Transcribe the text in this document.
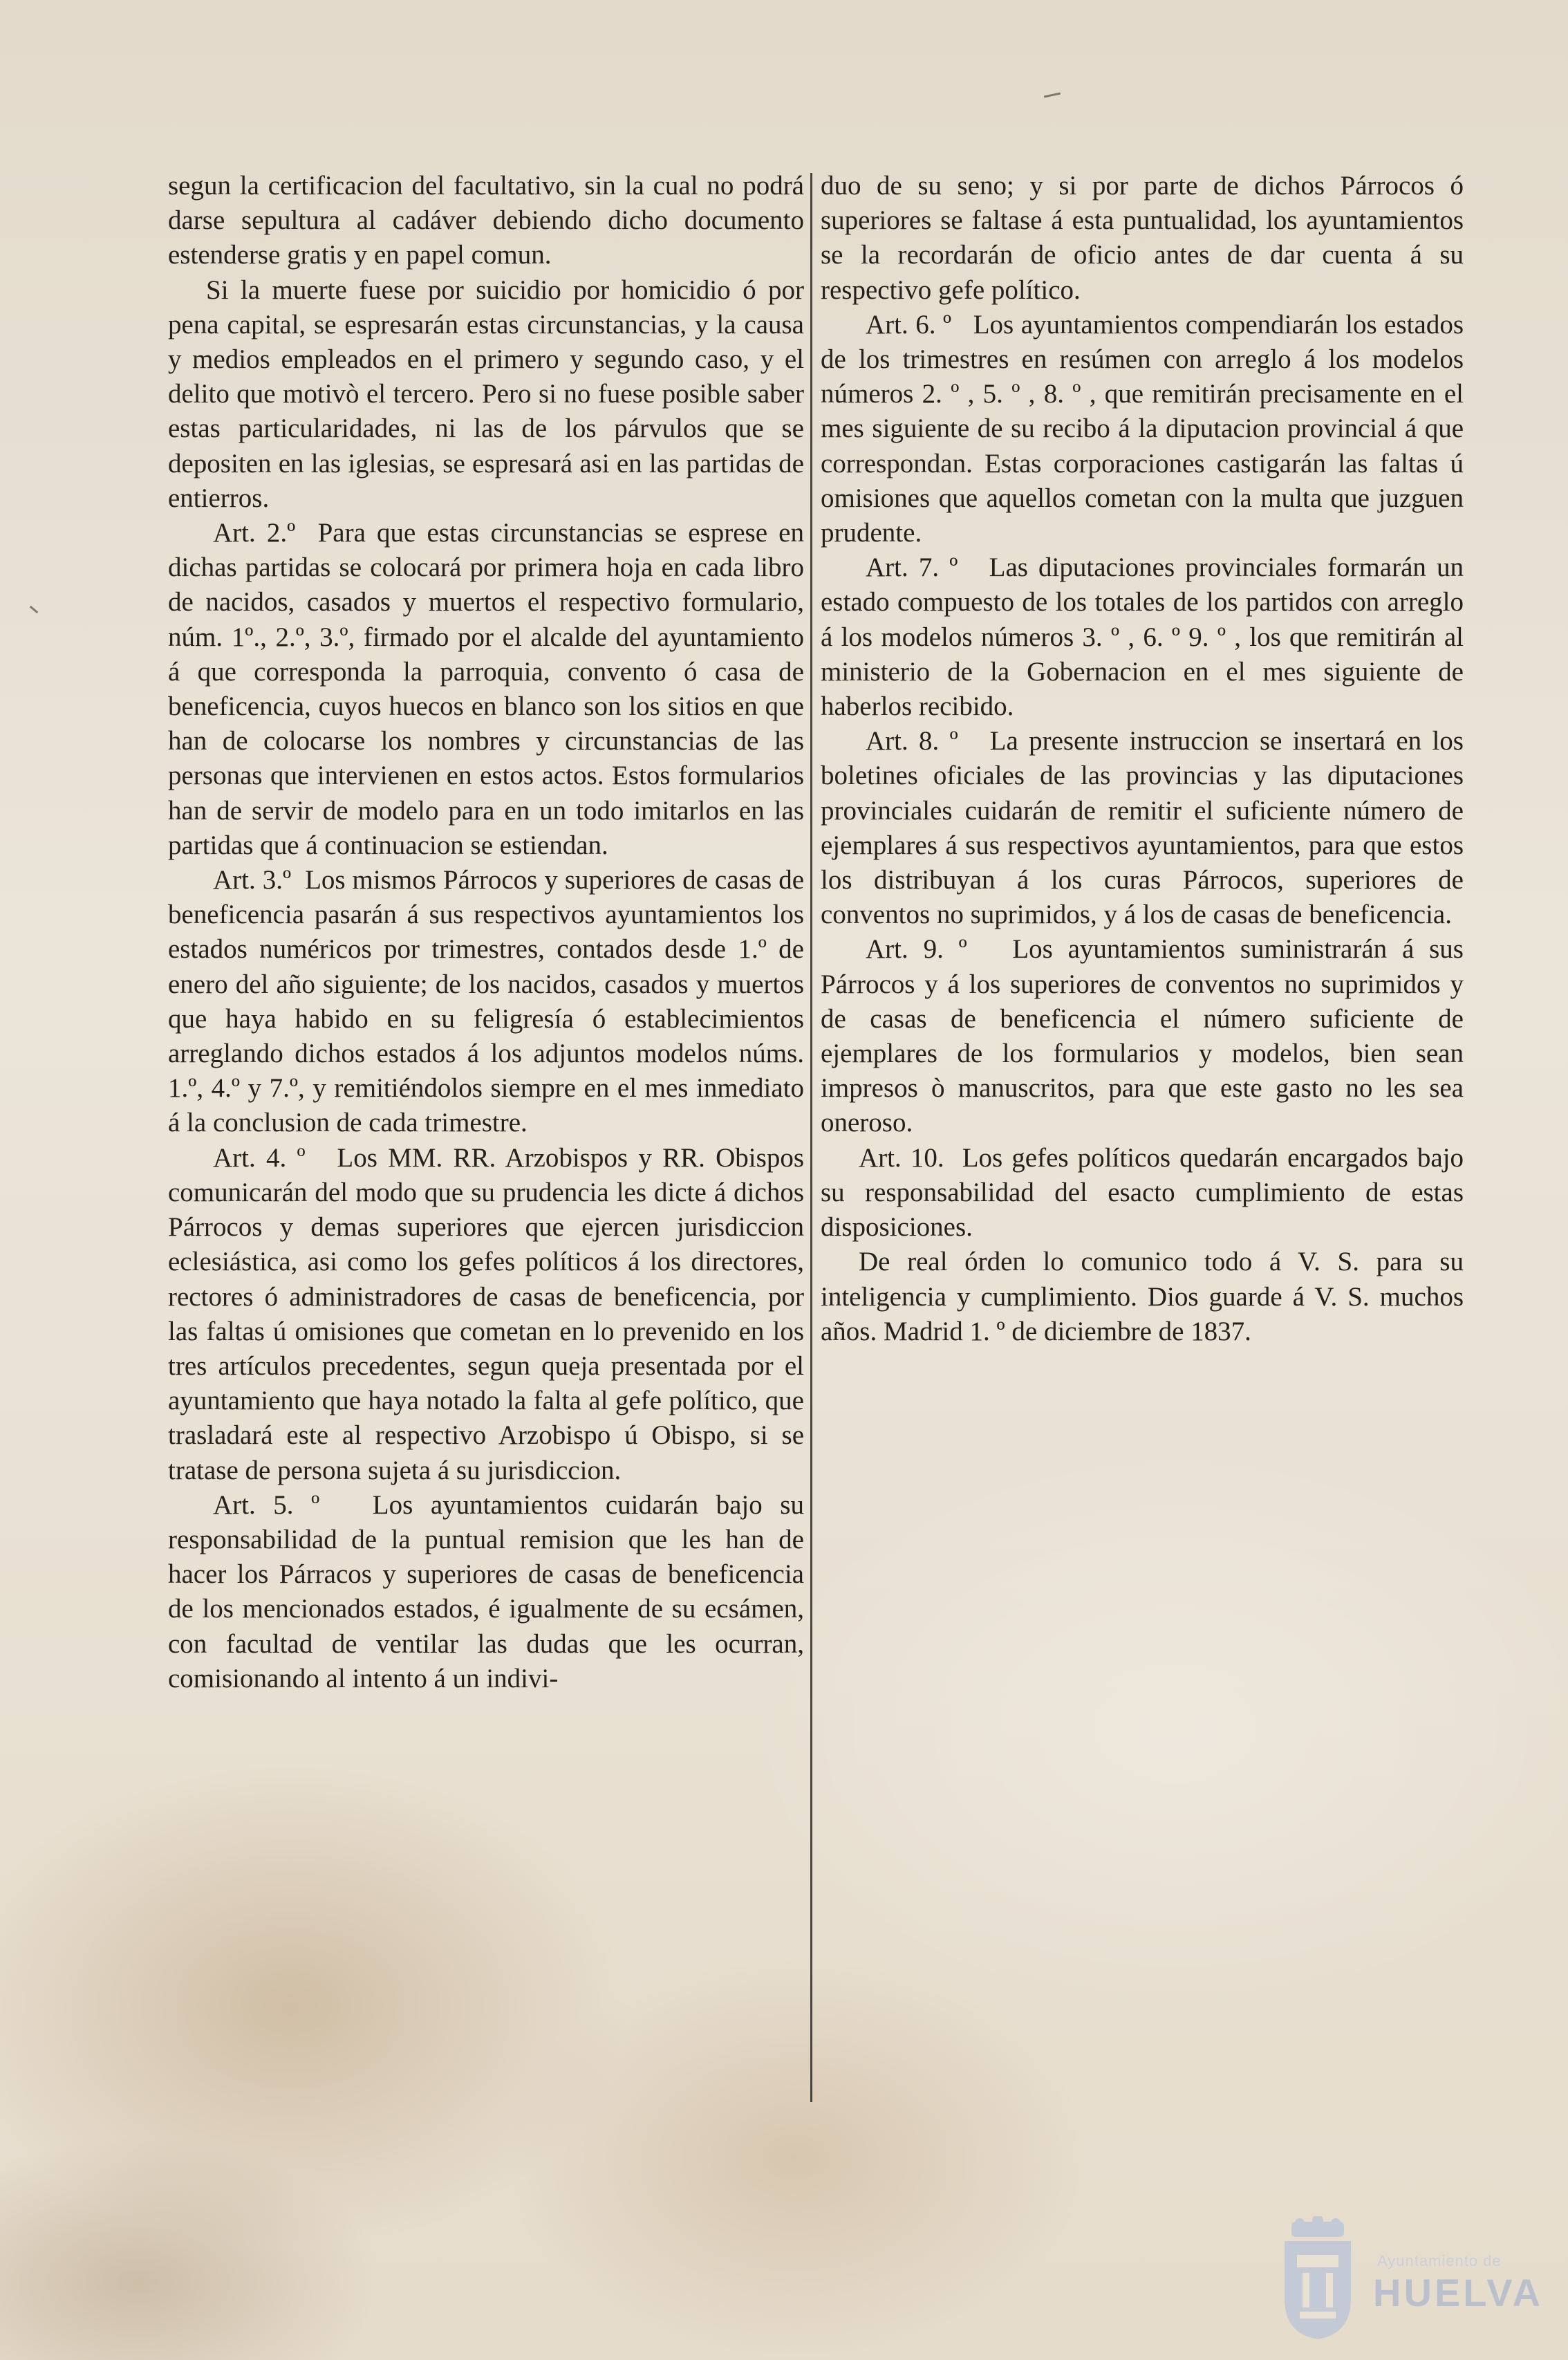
segun la certificacion del facultativo, sin la cual no podrá darse sepultura al cadáver debiendo dicho documento estenderse gratis y en papel comun.

Si la muerte fuese por suicidio por homicidio ó por pena capital, se espresarán estas circunstancias, y la causa y medios empleados en el primero y segundo caso, y el delito que motivò el tercero. Pero si no fuese posible saber estas particularidades, ni las de los párvulos que se depositen en las iglesias, se espresará asi en las partidas de entierros.

Art. 2.º Para que estas circunstancias se esprese en dichas partidas se colocará por primera hoja en cada libro de nacidos, casados y muertos el respectivo formulario, núm. 1º., 2.º, 3.º, firmado por el alcalde del ayuntamiento á que corresponda la parroquia, convento ó casa de beneficencia, cuyos huecos en blanco son los sitios en que han de colocarse los nombres y circunstancias de las personas que intervienen en estos actos. Estos formularios han de servir de modelo para en un todo imitarlos en las partidas que á continuacion se estiendan.

Art. 3.º Los mismos Párrocos y superiores de casas de beneficencia pasarán á sus respectivos ayuntamientos los estados numéricos por trimestres, contados desde 1.º de enero del año siguiente; de los nacidos, casados y muertos que haya habido en su feligresía ó establecimientos arreglando dichos estados á los adjuntos modelos núms. 1.º, 4.º y 7.º, y remitiéndolos siempre en el mes inmediato á la conclusion de cada trimestre.

Art. 4. º Los MM. RR. Arzobispos y RR. Obispos comunicarán del modo que su prudencia les dicte á dichos Párrocos y demas superiores que ejercen jurisdiccion eclesiástica, asi como los gefes políticos á los directores, rectores ó administradores de casas de beneficencia, por las faltas ú omisiones que cometan en lo prevenido en los tres artículos precedentes, segun queja presentada por el ayuntamiento que haya notado la falta al gefe político, que trasladará este al respectivo Arzobispo ú Obispo, si se tratase de persona sujeta á su jurisdiccion.

Art. 5. º Los ayuntamientos cuidarán bajo su responsabilidad de la puntual remision que les han de hacer los Párracos y superiores de casas de beneficencia de los mencionados estados, é igualmente de su ecsámen, con facultad de ventilar las dudas que les ocurran, comisionando al intento á un indivi-

duo de su seno; y si por parte de dichos Párrocos ó superiores se faltase á esta puntualidad, los ayuntamientos se la recordarán de oficio antes de dar cuenta á su respectivo gefe político.

Art. 6. º Los ayuntamientos compendiarán los estados de los trimestres en resúmen con arreglo á los modelos números 2. º , 5. º , 8. º , que remitirán precisamente en el mes siguiente de su recibo á la diputacion provincial á que correspondan. Estas corporaciones castigarán las faltas ú omisiones que aquellos cometan con la multa que juzguen prudente.

Art. 7. º Las diputaciones provinciales formarán un estado compuesto de los totales de los partidos con arreglo á los modelos números 3. º , 6. º 9. º , los que remitirán al ministerio de la Gobernacion en el mes siguiente de haberlos recibido.

Art. 8. º La presente instruccion se insertará en los boletines oficiales de las provincias y las diputaciones provinciales cuidarán de remitir el suficiente número de ejemplares á sus respectivos ayuntamientos, para que estos los distribuyan á los curas Párrocos, superiores de conventos no suprimidos, y á los de casas de beneficencia.

Art. 9. º Los ayuntamientos suministrarán á sus Párrocos y á los superiores de conventos no suprimidos y de casas de beneficencia el número suficiente de ejemplares de los formularios y modelos, bien sean impresos ò manuscritos, para que este gasto no les sea oneroso.

Art. 10. Los gefes políticos quedarán encargados bajo su responsabilidad del esacto cumplimiento de estas disposiciones.

De real órden lo comunico todo á V. S. para su inteligencia y cumplimiento. Dios guarde á V. S. muchos años. Madrid 1. º de diciembre de 1837.

Ayuntamiento de
HUELVA
